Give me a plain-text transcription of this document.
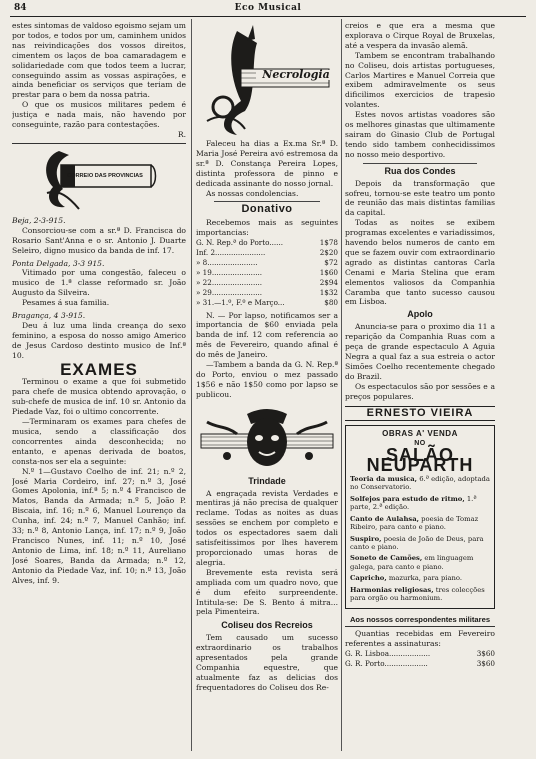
84	Eco Musical

estes sintomas de valdoso egoismo sejam um por todos, e todos por um, caminhem unidos nas reivindicações dos vossos direitos, cimentem os laços de boa camaradagem e solidariedade com que todos teem a lucrar, conseguindo assim as vossas aspirações, e ainda beneficiar os serviços que teriam de prestar para o bem da nossa patria.

O que os musicos militares pedem é justiça e nada mais, não havendo por conseguinte, razão para contestações.

R.

CORREIO DAS PROVINCIAS

Beja, 2-3-915.

Consorciou-se com a sr.ª D. Francisca do Rosario Sant'Anna e o sr. Antonio J. Duarte Seleiro, digno musico da banda de inf. 17.

Ponta Delgada, 3-3 915.

Vitimado por uma congestão, faleceu o musico de 1.ª classe reformado sr. João Augusto da Silveira.

Pesames á sua familia.

Bragança, 4 3-915.

Deu á luz uma linda creança do sexo feminino, a esposa do nosso amigo Americo de Jesus Cardoso destinto musico de Inf.ª 10.

EXAMES

Terminou o exame a que foi submetido para chefe de musica obtendo aprovação, o sub-chefe de musica de inf. 10 sr. Antonio da Piedade Vaz, foi o ultimo concorrente.

—Terminaram os exames para chefes de musica, sendo a classificação dos concorrentes ainda desconhecida; no entanto, e apenas derivada de boatos, consta-nos ser ela a seguinte:

N.º 1—Gustavo Coelho de inf. 21; n.º 2, José Maria Cordeiro, inf. 27; n.º 3, José Gomes Apolonia, inf.ª 5; n.º 4 Francisco de Matos, Banda da Armada; n.º 5, João P. Biscaia, inf. 16; n.º 6, Manuel Lourenço da Cunha, inf. 24; n.º 7, Manuel Canhão; inf. 33; n.º 8, Antonio Lança, inf. 17; n.º 9, João Francisco Nunes, inf. 11; n.º 10, José Antonio de Lima, inf. 18; n.º 11, Aureliano José Soares, Banda da Armada; n.º 12, Antonio da Piedade Vaz, inf. 10; n.º 13, João Alves, inf. 9.

Necrologia

Faleceu ha dias a Ex.ma Sr.ª D. Maria José Pereira avó estremosa da sr.ª D. Constança Pereira Lopes, distinta professora de pinno e dedicada assinante do nosso jornal.

As nossas condolencias.

Donativo

Recebemos mais as seguintes importancias:

G. N. Rep.ª do Porto......	1$78
Inf. 2......................	2$20
» 8......................	$72
» 19......................	1$60
» 22......................	2$94
» 29......................	1$32
» 31.—1.º, F.º e Março...	$80

N. — Por lapso, notificamos ser a importancia de $60 enviada pela banda de inf. 12 com referencia ao mês de Fevereiro, quando afinal é do mês de Janeiro.

—Tambem a banda da G. N. Rep.ª do Porto, enviou o mez passado 1$56 e não 1$50 como por lapso se publicou.

Trindade

A engraçada revista Verdades e mentiras já não precisa de qualquer reclame. Todas as noites as duas sessões se enchem por completo e todos os espectadores saem dali satisfeitissimos por lhes haverem proporcionado umas horas de alegria.

Brevemente esta revista será ampliada com um quadro novo, que é dum efeito surpreendente. Intitula-se: De S. Bento á mitra... pela Pimenteira.

Coliseu dos Recreios

Tem causado um sucesso extraordinario os trabalhos apresentados pela grande Companhia equestre, que atualmente faz as delicias dos frequentadores do Coliseu dos Re-

creios e que era a mesma que explorava o Cirque Royal de Bruxelas, até a vespera da invasão alemã.

Tambem se encontram trabalhando no Coliseu, dois artistas portugueses, Carlos Martires e Manuel Correia que exibem admiravelmente os seus dificilimos exercicios de trapesio volantes.

Estes novos artistas voadores são os melhores ginastas que ultimamente sairam do Ginasio Club de Portugal tendo sido tambem conhecidissimos no nosso meio desportivo.

Rua dos Condes

Depois da transformação que sofreu, tornou-se este teatro um ponto de reunião das mais distintas familias da capital.

Todas as noites se exibem programas excelentes e variadissimos, havendo belos numeros de canto em que se fazem ouvir com extraordinario agrado as distintas cantoras Carla Cenami e Maria Stelina que eram elementos valiosos da Companhia Caramba que tanto sucesso causou em Lisboa.

Apolo

Anuncia-se para o proximo dia 11 a reparição da Companhia Ruas com a peça de grande espectaculo A Aguia Negra a qual faz a sua estreia o actor Simões Coelho recentemente chegado do Brazil.

Os espectaculos são por sessões e a preços populares.

ERNESTO VIEIRA
OBRAS A' VENDA
NO
SALÃO NEUPARTH
Teoria da musica, 6.ª edição, adoptada no Conservatorio.
Solfejos para estudo de ritmo, 1.ª parte, 2.ª edição.
Canto de Aulahsa, poesia de Tomaz Ribeiro, para canto e piano.
Suspiro, poesia de João de Deus, para canto e piano.
Soneto de Camões, em linguagem galega, para canto e piano.
Capricho, mazurka, para piano.
Harmonias religiosas, tres colecções para orgão ou harmonium.
Aos nossos correspondentes militares

Quantias recebidas em Fevereiro referentes a assinaturas:

G. R. Lisboa..................	3$60
G. R. Porto...................	3$60
